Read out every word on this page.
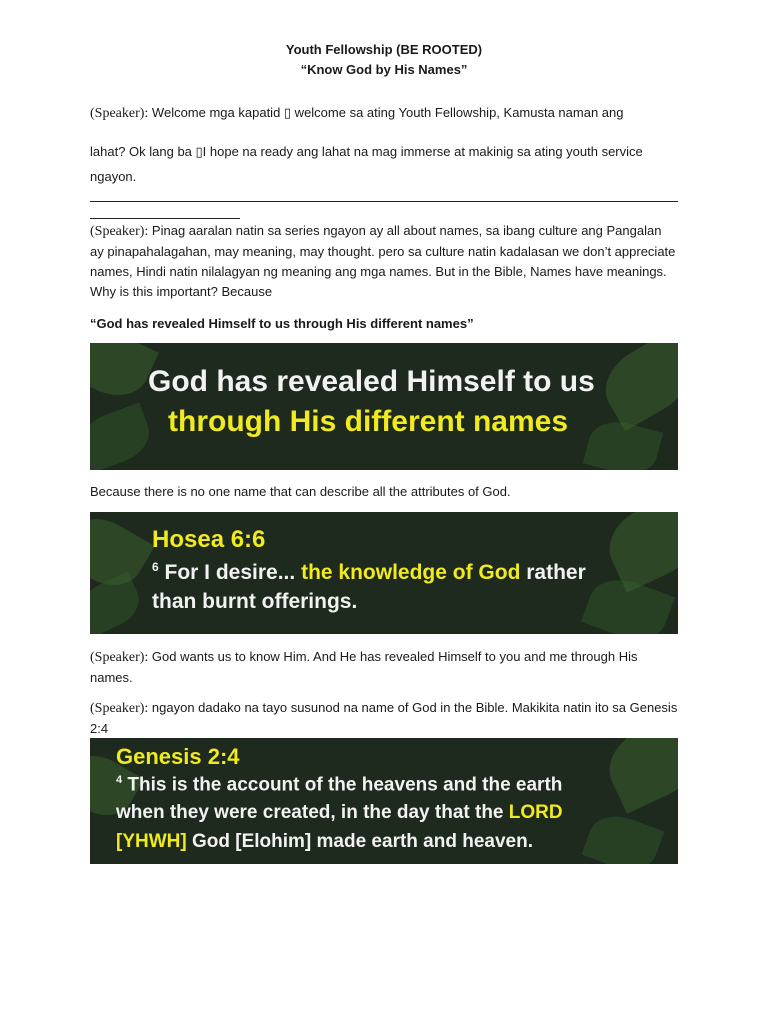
Youth Fellowship (BE ROOTED)
“Know God by His Names”

(Speaker): Welcome mga kapatid ▯ welcome sa ating Youth Fellowship, Kamusta naman ang

lahat? Ok lang ba ▯I hope na ready ang lahat na mag immerse at makinig sa ating youth service

ngayon.

(Speaker): Pinag aaralan natin sa series ngayon ay all about names, sa ibang culture ang Pangalan ay pinapahalagahan, may meaning, may thought. pero sa culture natin kadalasan we don’t appreciate names, Hindi natin nilalagyan ng meaning ang mga names. But in the Bible, Names have meanings. Why is this important? Because

“God has revealed Himself to us through His different names”

Because there is no one name that can describe all the attributes of God.

(Speaker): God wants us to know Him. And He has revealed Himself to you and me through His names.

(Speaker): ngayon dadako na tayo susunod na name of God in the Bible. Makikita natin ito sa Genesis 2:4

God has revealed Himself to us
through His different names
Hosea 6:6
$^6$ For I desire... the knowledge of God rather
than burnt offerings.
Genesis 2:4
$^4$ This is the account of the heavens and the earth
when they were created, in the day that the LORD
[YHWH] God [Elohim] made earth and heaven.
